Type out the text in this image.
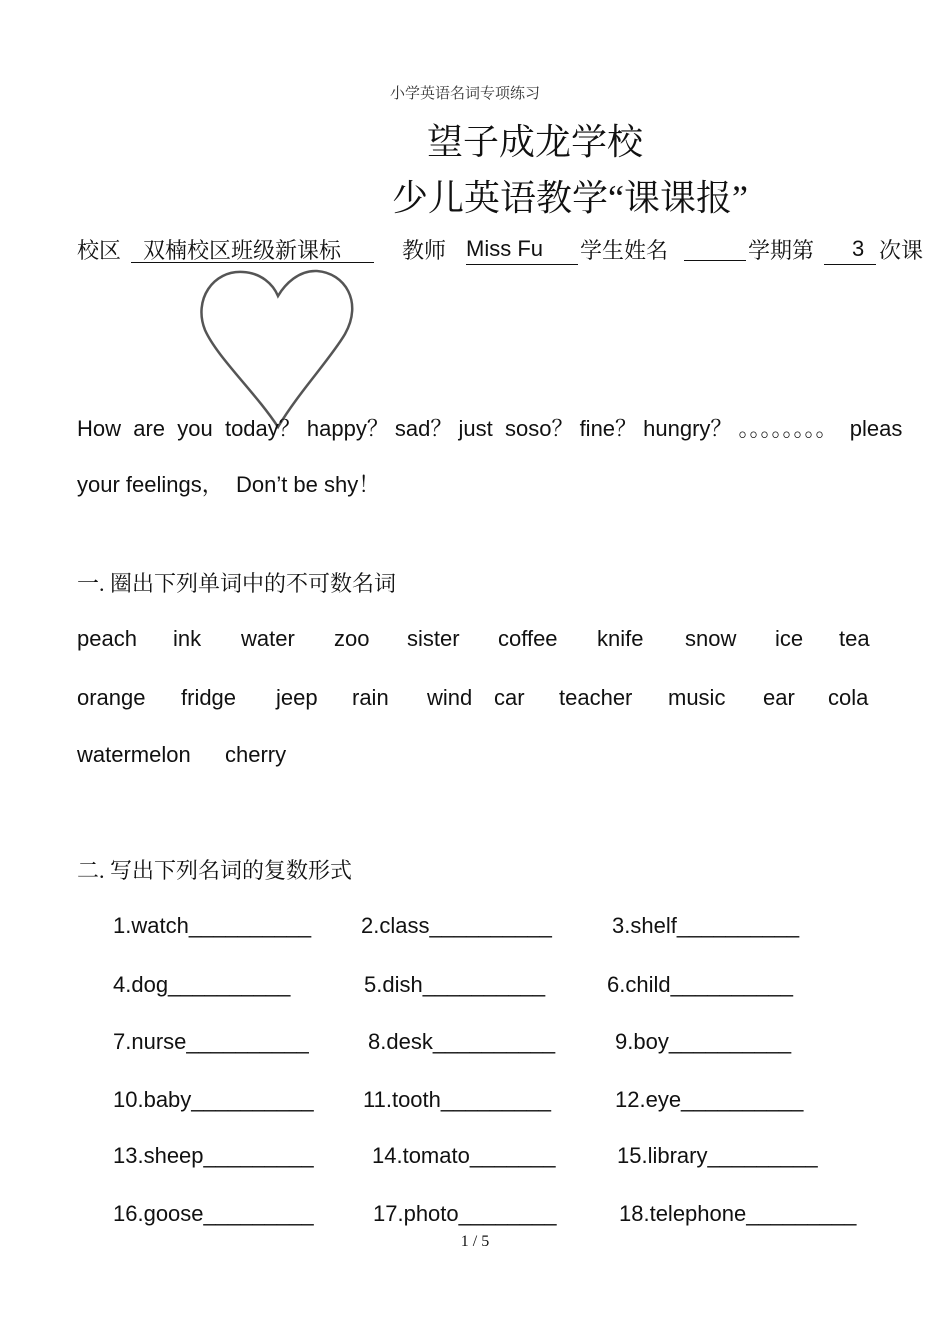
小学英语名词专项练习
望子成龙学校
少儿英语教学“课课报”
校区

双楠校区班级新课标	教师

Miss Fu 学生姓名	学期第

3 次课
How  are  you  today？ happy？ sad？ just  soso？ fine？ hungry？ 。。。。。。。。  pleas
your feelings，  Don’t be shy！
一. 圈出下列单词中的不可数名词
peach ink water zoo sister coffee knife snow ice tea
orange fridge jeep rain wind car teacher music ear cola
watermelon cherry
二. 写出下列名词的复数形式
1.watch__________ 2.class__________	3.shelf__________
4.dog__________	5.dish__________	6.child__________
7.nurse__________	8.desk__________	9.boy__________
10.baby__________ 11.tooth_________	12.eye__________
13.sheep_________	14.tomato_______	15.library_________
16.goose_________	17.photo________	18.telephone_________
1 / 5
